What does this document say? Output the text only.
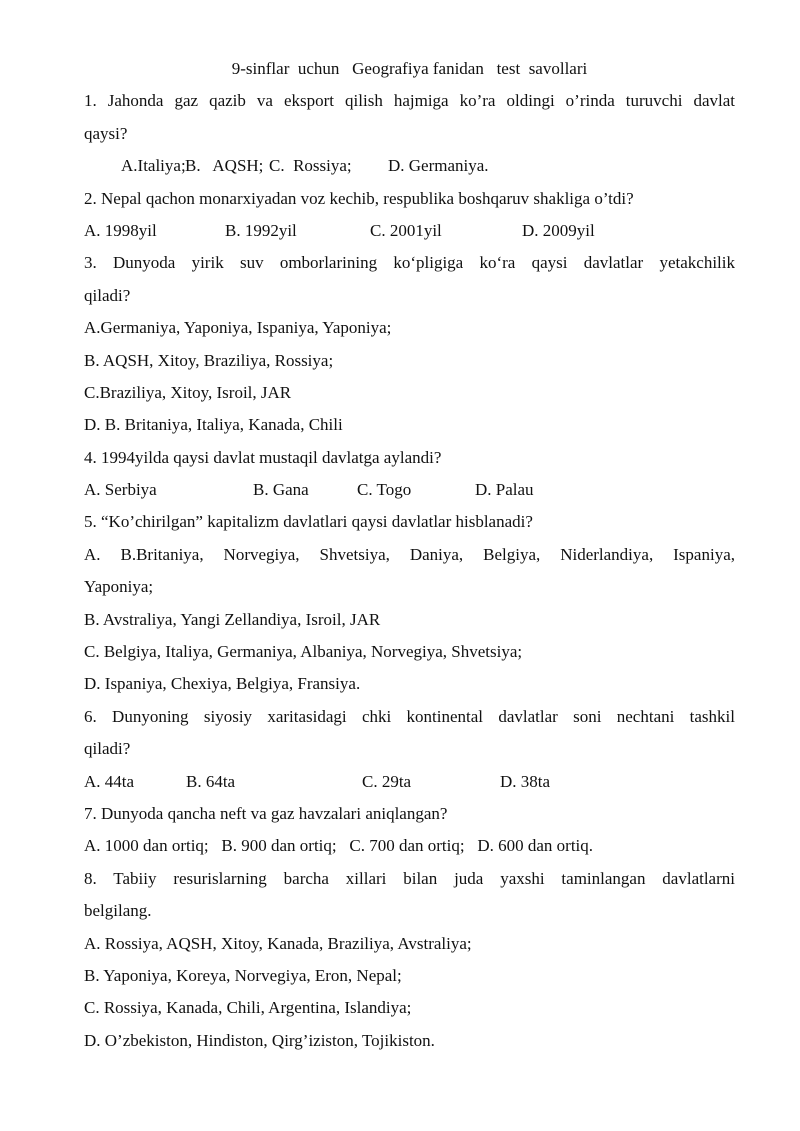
9-sinflar  uchun   Geografiya fanidan   test  savollari
1. Jahonda gaz qazib va eksport qilish hajmiga ko’ra oldingi o’rinda turuvchi davlat
qaysi?
A.Italiya;B.   AQSH; C.  Rossiya; D. Germaniya.
2. Nepal qachon monarxiyadan voz kechib, respublika boshqaruv shakliga o’tdi?
A. 1998yil	B. 1992yil	C. 2001yil	D. 2009yil
3. Dunyoda yirik suv omborlarining ko‘pligiga ko‘ra qaysi davlatlar yetakchilik
qiladi?
A.Germaniya, Yaponiya, Ispaniya, Yaponiya;
B. AQSH, Xitoy, Braziliya, Rossiya;
C.Braziliya, Xitoy, Isroil, JAR
D. B. Britaniya, Italiya, Kanada, Chili
4. 1994yilda qaysi davlat mustaqil davlatga aylandi?
A. Serbiya	B. Gana	C. Togo	D. Palau
5. “Ko’chirilgan” kapitalizm davlatlari qaysi davlatlar hisblanadi?
A. B.Britaniya, Norvegiya, Shvetsiya, Daniya, Belgiya, Niderlandiya, Ispaniya,
Yaponiya;
B. Avstraliya, Yangi Zellandiya, Isroil, JAR
C. Belgiya, Italiya, Germaniya, Albaniya, Norvegiya, Shvetsiya;
D. Ispaniya, Chexiya, Belgiya, Fransiya.
6. Dunyoning siyosiy xaritasidagi chki kontinental davlatlar soni nechtani tashkil
qiladi?
A. 44ta	B. 64ta	C. 29ta	D. 38ta
7. Dunyoda qancha neft va gaz havzalari aniqlangan?
A. 1000 dan ortiq;   B. 900 dan ortiq;   C. 700 dan ortiq;   D. 600 dan ortiq.
8. Tabiiy resurislarning barcha xillari bilan juda yaxshi taminlangan davlatlarni
belgilang.
A. Rossiya, AQSH, Xitoy, Kanada, Braziliya, Avstraliya;
B. Yaponiya, Koreya, Norvegiya, Eron, Nepal;
C. Rossiya, Kanada, Chili, Argentina, Islandiya;
D. O’zbekiston, Hindiston, Qirg’iziston, Tojikiston.
